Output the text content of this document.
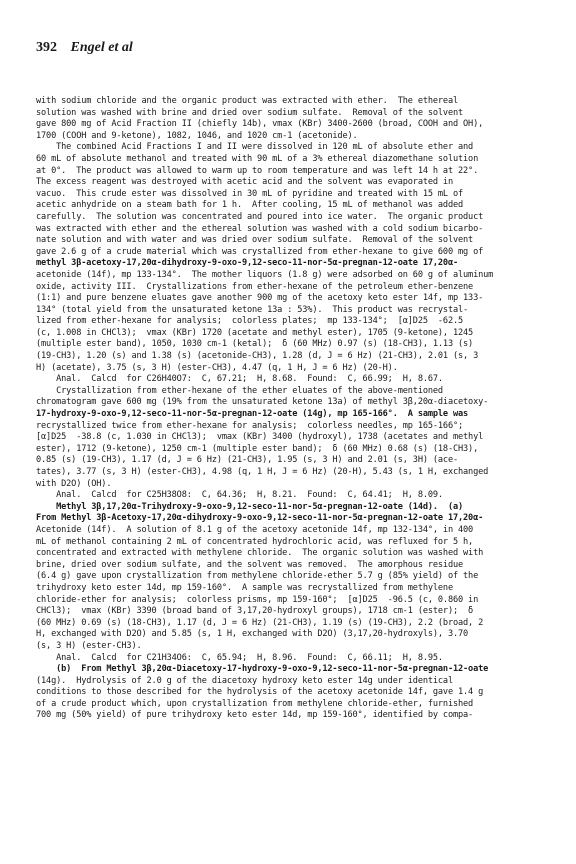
392 Engel et al
with sodium chloride and the organic product was extracted with ether.  The ethereal
solution was washed with brine and dried over sodium sulfate.  Removal of the solvent
gave 800 mg of Acid Fraction II (chiefly 14b), vmax (KBr) 3400-2600 (broad, COOH and OH),
1700 (COOH and 9-ketone), 1082, 1046, and 1020 cm-1 (acetonide).
The combined Acid Fractions I and II were dissolved in 120 mL of absolute ether and
60 mL of absolute methanol and treated with 90 mL of a 3% ethereal diazomethane solution
at 0°.  The product was allowed to warm up to room temperature and was left 14 h at 22°.
The excess reagent was destroyed with acetic acid and the solvent was evaporated in
vacuo.  This crude ester was dissolved in 30 mL of pyridine and treated with 15 mL of
acetic anhydride on a steam bath for 1 h.  After cooling, 15 mL of methanol was added
carefully.  The solution was concentrated and poured into ice water.  The organic product
was extracted with ether and the ethereal solution was washed with a cold sodium bicarbo-
nate solution and with water and was dried over sodium sulfate.  Removal of the solvent
gave 2.6 g of a crude material which was crystallized from ether-hexane to give 600 mg of
methyl 3β-acetoxy-17,20α-dihydroxy-9-oxo-9,12-seco-11-nor-5α-pregnan-12-oate 17,20α-
acetonide (14f), mp 133-134°.  The mother liquors (1.8 g) were adsorbed on 60 g of aluminum
oxide, activity III.  Crystallizations from ether-hexane of the petroleum ether-benzene
(1:1) and pure benzene eluates gave another 900 mg of the acetoxy keto ester 14f, mp 133-
134° (total yield from the unsaturated ketone 13a : 53%).  This product was recrystal-
lized from ether-hexane for analysis;  colorless plates;  mp 133-134°;  [α]D25  -62.5
(c, 1.008 in CHCl3);  vmax (KBr) 1720 (acetate and methyl ester), 1705 (9-ketone), 1245
(multiple ester band), 1050, 1030 cm-1 (ketal);  δ (60 MHz) 0.97 (s) (18-CH3), 1.13 (s)
(19-CH3), 1.20 (s) and 1.38 (s) (acetonide-CH3), 1.28 (d, J = 6 Hz) (21-CH3), 2.01 (s, 3
H) (acetate), 3.75 (s, 3 H) (ester-CH3), 4.47 (q, 1 H, J = 6 Hz) (20-H).
Anal.  Calcd  for C26H40O7:  C, 67.21;  H, 8.68.  Found:  C, 66.99;  H, 8.67.
Crystallization from ether-hexane of the ether eluates of the above-mentioned
chromatogram gave 600 mg (19% from the unsaturated ketone 13a) of methyl 3β,20α-diacetoxy-
17-hydroxy-9-oxo-9,12-seco-11-nor-5α-pregnan-12-oate (14g), mp 165-166°.  A sample was
recrystallized twice from ether-hexane for analysis;  colorless needles, mp 165-166°;
[α]D25  -38.8 (c, 1.030 in CHCl3);  vmax (KBr) 3400 (hydroxyl), 1738 (acetates and methyl
ester), 1712 (9-ketone), 1250 cm-1 (multiple ester band);  δ (60 MHz) 0.68 (s) (18-CH3),
0.85 (s) (19-CH3), 1.17 (d, J = 6 Hz) (21-CH3), 1.95 (s, 3 H) and 2.01 (s, 3H) (ace-
tates), 3.77 (s, 3 H) (ester-CH3), 4.98 (q, 1 H, J = 6 Hz) (20-H), 5.43 (s, 1 H, exchanged
with D2O) (OH).
Anal.  Calcd  for C25H38O8:  C, 64.36;  H, 8.21.  Found:  C, 64.41;  H, 8.09.
Methyl 3β,17,20α-Trihydroxy-9-oxo-9,12-seco-11-nor-5α-pregnan-12-oate (14d).  (a)
From Methyl 3β-Acetoxy-17,20α-dihydroxy-9-oxo-9,12-seco-11-nor-5α-pregnan-12-oate 17,20α-
Acetonide (14f).  A solution of 8.1 g of the acetoxy acetonide 14f, mp 132-134°, in 400
mL of methanol containing 2 mL of concentrated hydrochloric acid, was refluxed for 5 h,
concentrated and extracted with methylene chloride.  The organic solution was washed with
brine, dried over sodium sulfate, and the solvent was removed.  The amorphous residue
(6.4 g) gave upon crystallization from methylene chloride-ether 5.7 g (85% yield) of the
trihydroxy keto ester 14d, mp 159-160°.  A sample was recrystallized from methylene
chloride-ether for analysis;  colorless prisms, mp 159-160°;  [α]D25  -96.5 (c, 0.860 in
CHCl3);  vmax (KBr) 3390 (broad band of 3,17,20-hydroxyl groups), 1718 cm-1 (ester);  δ
(60 MHz) 0.69 (s) (18-CH3), 1.17 (d, J = 6 Hz) (21-CH3), 1.19 (s) (19-CH3), 2.2 (broad, 2
H, exchanged with D2O) and 5.85 (s, 1 H, exchanged with D2O) (3,17,20-hydroxyls), 3.70
(s, 3 H) (ester-CH3).
Anal.  Calcd  for C21H34O6:  C, 65.94;  H, 8.96.  Found:  C, 66.11;  H, 8.95.
(b)  From Methyl 3β,20α-Diacetoxy-17-hydroxy-9-oxo-9,12-seco-11-nor-5α-pregnan-12-oate
(14g).  Hydrolysis of 2.0 g of the diacetoxy hydroxy keto ester 14g under identical
conditions to those described for the hydrolysis of the acetoxy acetonide 14f, gave 1.4 g
of a crude product which, upon crystallization from methylene chloride-ether, furnished
700 mg (50% yield) of pure trihydroxy keto ester 14d, mp 159-160°, identified by compa-
